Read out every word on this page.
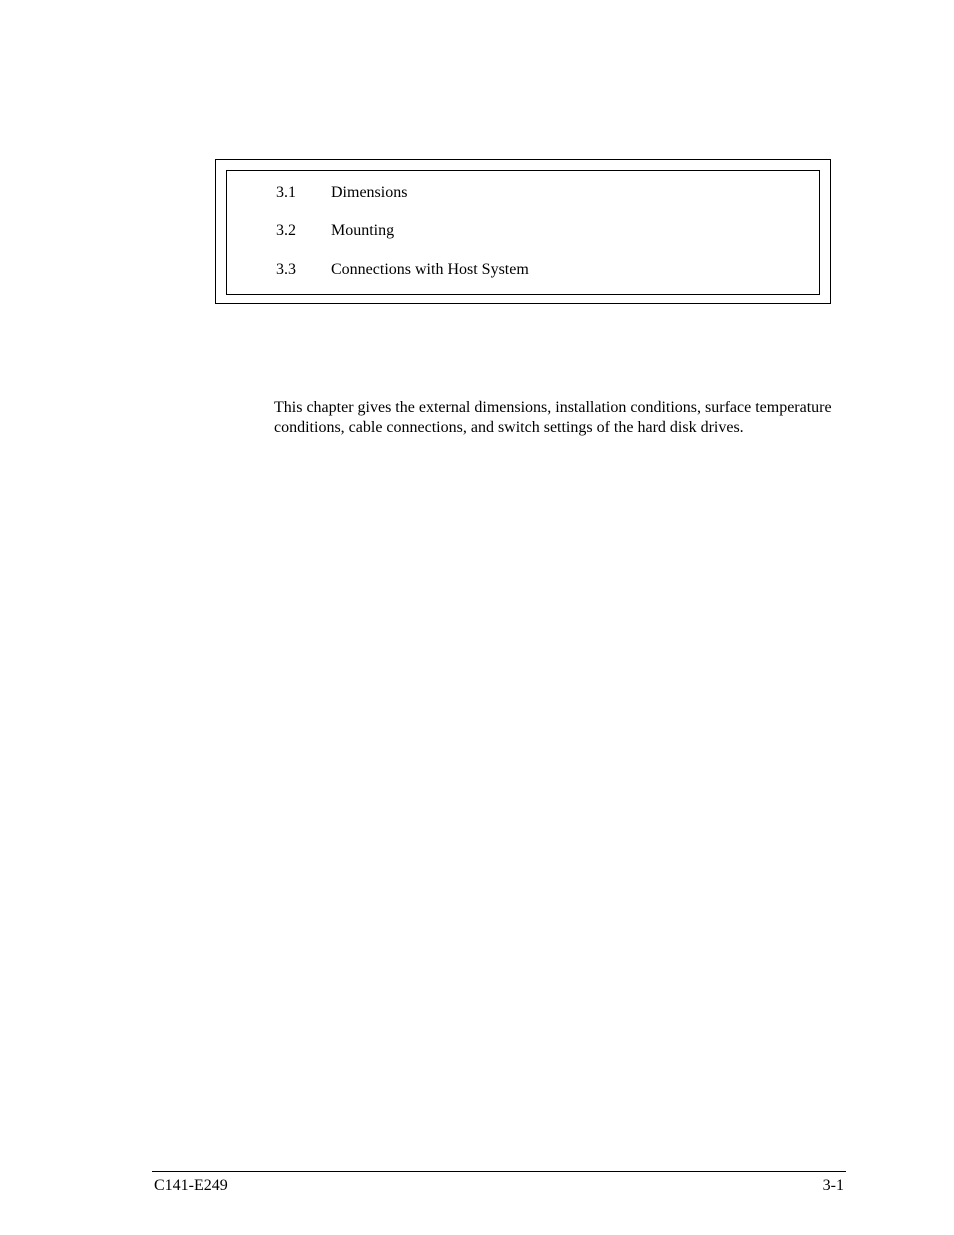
3.1 Dimensions
3.2 Mounting
3.3 Connections with Host System

This chapter gives the external dimensions, installation conditions, surface temperature conditions, cable connections, and switch settings of the hard disk drives.

C141-E249	3-1
